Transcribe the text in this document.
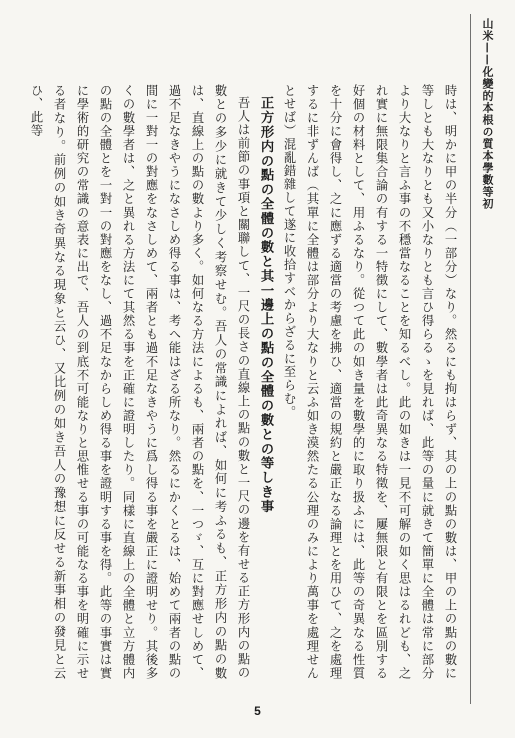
山米——化變的本根の質本學數等初

時は、明かに甲の半分（一部分）なり。然るにも拘はらず、其の上の點の數は、甲の上の點の數に等しとも大なりとも又小なりとも言ひ得らるゝを見れば、此等の量に就きて簡單に全體は常に部分より大なりと言ふ事の不穩當なることを知るべし。此の如きは一見不可解の如く思はるれども、之れ實に無限集合論の有する一特徴にして、數學者は此奇異なる特徵を、屢無限と有限とを區別する好個の材料として、用ふるなり。從つて此の如き量を數學的に取り扱ふには、此等の奇異なる性質を十分に會得し、之に應ずる適當の考慮を拂ひ、適當の規約と嚴正なる論理とを用ひて、之を處理するに非ずんば（其單に全體は部分より大なりと云ふ如き漠然たる公理のみにより萬事を處理せんとせば）混亂錯雜して遂に收拾すべからざるに至らむ。

正方形内の點の全體の數と其一邊上の點の全體の數との等しき事

吾人は前節の事項と關聯して、一尺の長さの直線上の點の數と一尺の邊を有せる正方形内の點の數との多少に就きて少しく考察せむ。吾人の常識によれば、如何に考ふるも、正方形内の點の數は、直線上の點の數より多く。如何なる方法によるも、兩者の點を、一つゞ、互に對應せしめて、過不足なきやうになさしめ得る事は、考へ能はざる所なり。然るにかくとるは、始めて兩者の點の間に一對一の對應をなさしめて、兩者とも過不足なきやうに爲し得る事を嚴正に證明せり。其後多くの數學者は、之と異れる方法にて其然る事を正確に證明したり。同樣に直線上の全體と立方體内の點の全體とを一對一の對應をなし、過不足なからしめ得る事を證明する事を得。此等の事實は實に學術的研究の常識の意表に出で、吾人の到底不可能なりと思惟せる事の可能なる事を明確に示せる者なり。前例の如き奇異なる現象と云ひ、又比例の如き吾人の豫想に反せる新事相の發見と云ひ、此等

5
